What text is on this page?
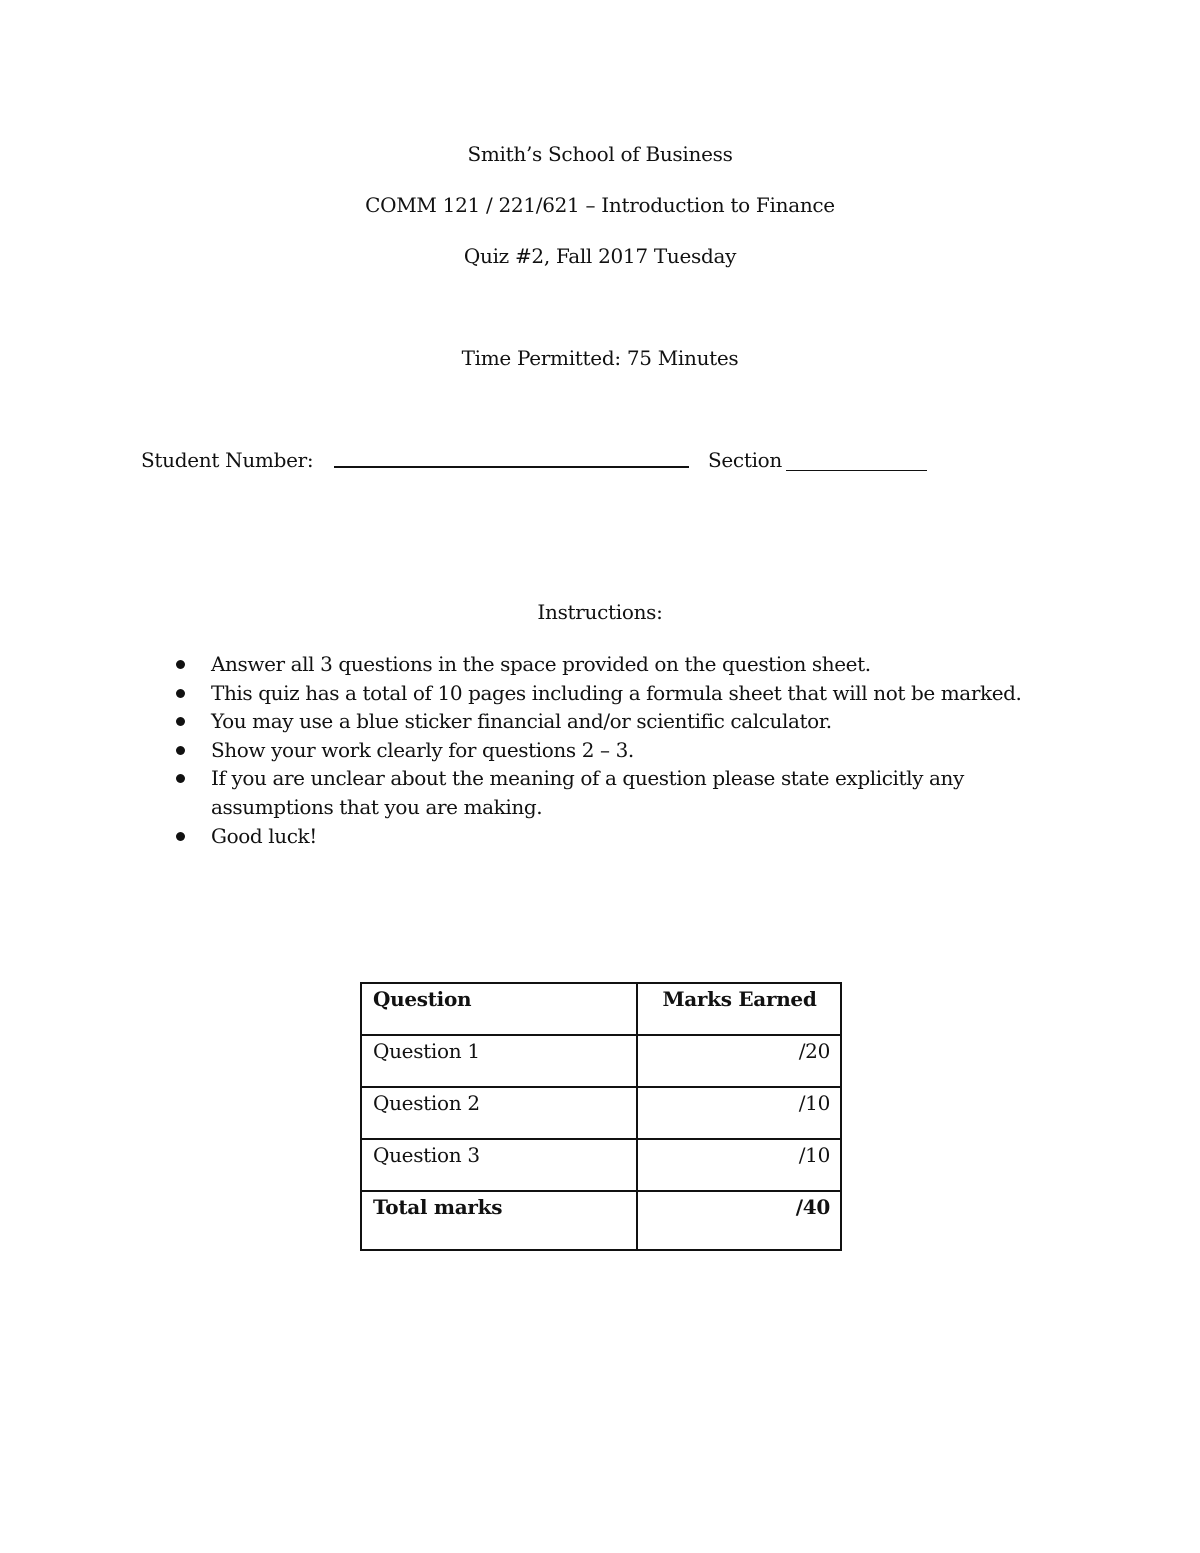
Smith’s School of Business
COMM 121 / 221/621 – Introduction to Finance
Quiz #2, Fall 2017 Tuesday
Time Permitted: 75 Minutes
Student Number:	Section
Instructions:
Answer all 3 questions in the space provided on the question sheet.
This quiz has a total of 10 pages including a formula sheet that will not be marked.
You may use a blue sticker financial and/or scientific calculator.
Show your work clearly for questions 2 – 3.
If you are unclear about the meaning of a question please state explicitly any assumptions that you are making.
Good luck!
Question	Marks Earned
Question 1	/20
Question 2	/10
Question 3	/10
Total marks	/40
